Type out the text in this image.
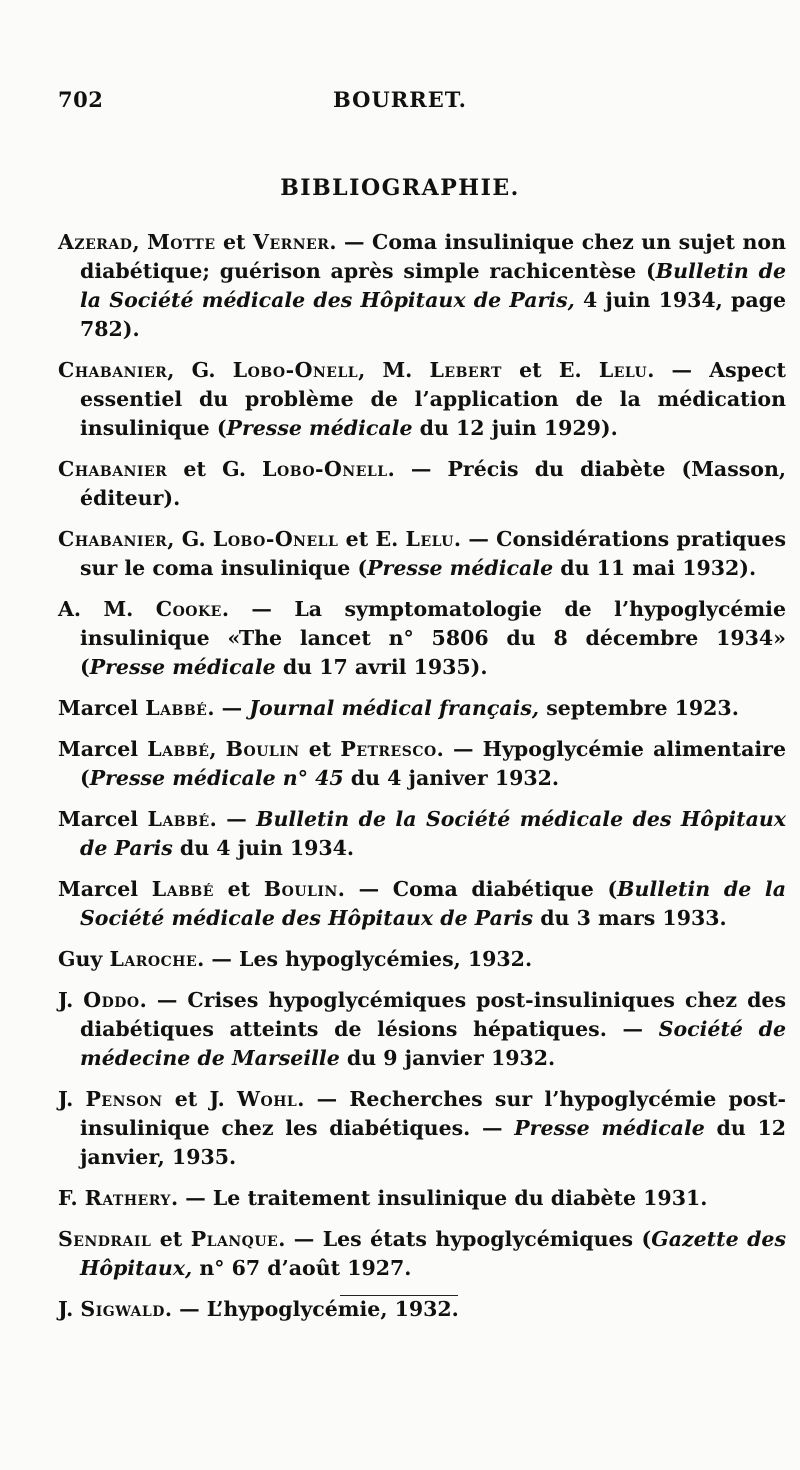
702	BOURRET.
BIBLIOGRAPHIE.

Azerad, Motte et Verner. — Coma insulinique chez un sujet non diabétique; guérison après simple rachicentèse (Bulletin de la Société médicale des Hôpitaux de Paris, 4 juin 1934, page 782).

Chabanier, G. Lobo-Onell, M. Lebert et E. Lelu. — Aspect essentiel du problème de l’application de la médication insulinique (Presse médicale du 12 juin 1929).

Chabanier et G. Lobo-Onell. — Précis du diabète (Masson, éditeur).

Chabanier, G. Lobo-Onell et E. Lelu. — Considérations pratiques sur le coma insulinique (Presse médicale du 11 mai 1932).

A. M. Cooke. — La symptomatologie de l’hypoglycémie insulinique «The lancet n° 5806 du 8 décembre 1934» (Presse médicale du 17 avril 1935).

Marcel Labbé. — Journal médical français, septembre 1923.

Marcel Labbé, Boulin et Petresco. — Hypoglycémie alimentaire (Presse médicale n° 45 du 4 janiver 1932.

Marcel Labbé. — Bulletin de la Société médicale des Hôpitaux de Paris du 4 juin 1934.

Marcel Labbé et Boulin. — Coma diabétique (Bulletin de la Société médicale des Hôpitaux de Paris du 3 mars 1933.

Guy Laroche. — Les hypoglycémies, 1932.

J. Oddo. — Crises hypoglycémiques post-insuliniques chez des diabétiques atteints de lésions hépatiques. — Société de médecine de Marseille du 9 janvier 1932.

J. Penson et J. Wohl. — Recherches sur l’hypoglycémie post-insulinique chez les diabétiques. — Presse médicale du 12 janvier, 1935.

F. Rathery. — Le traitement insulinique du diabète 1931.

Sendrail et Planque. — Les états hypoglycémiques (Gazette des Hôpitaux, n° 67 d’août 1927.

J. Sigwald. — L’hypoglycémie, 1932.
